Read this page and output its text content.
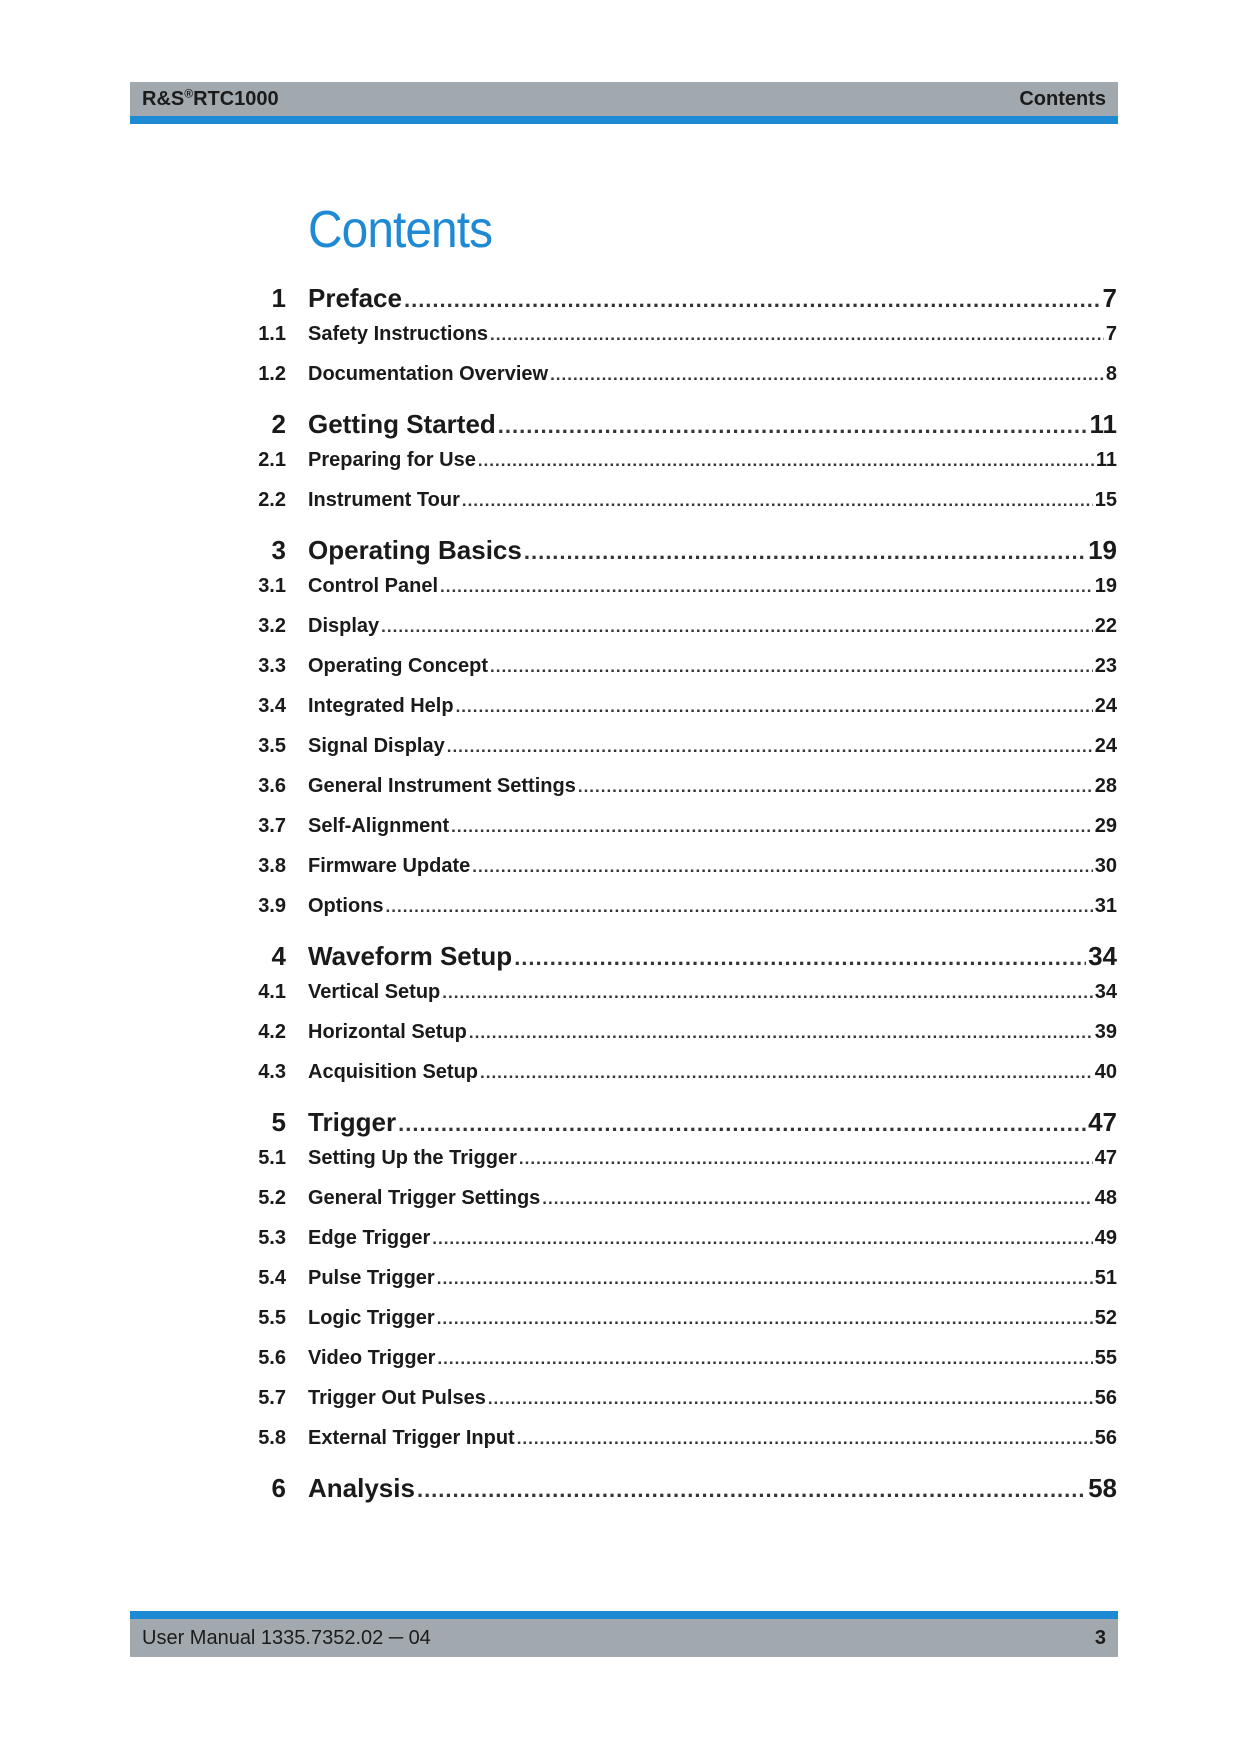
R&S®RTC1000	Contents
Contents
1 Preface .....	7
1.1 Safety Instructions .....	7
1.2 Documentation Overview .....	8
2 Getting Started .....	11
2.1 Preparing for Use .....	11
2.2 Instrument Tour .....	15
3 Operating Basics .....	19
3.1 Control Panel .....	19
3.2 Display .....	22
3.3 Operating Concept .....	23
3.4 Integrated Help .....	24
3.5 Signal Display .....	24
3.6 General Instrument Settings .....	28
3.7 Self-Alignment .....	29
3.8 Firmware Update .....	30
3.9 Options .....	31
4 Waveform Setup .....	34
4.1 Vertical Setup .....	34
4.2 Horizontal Setup .....	39
4.3 Acquisition Setup .....	40
5 Trigger .....	47
5.1 Setting Up the Trigger .....	47
5.2 General Trigger Settings .....	48
5.3 Edge Trigger .....	49
5.4 Pulse Trigger .....	51
5.5 Logic Trigger .....	52
5.6 Video Trigger .....	55
5.7 Trigger Out Pulses .....	56
5.8 External Trigger Input .....	56
6 Analysis .....	58
User Manual 1335.7352.02 ─ 04	3
